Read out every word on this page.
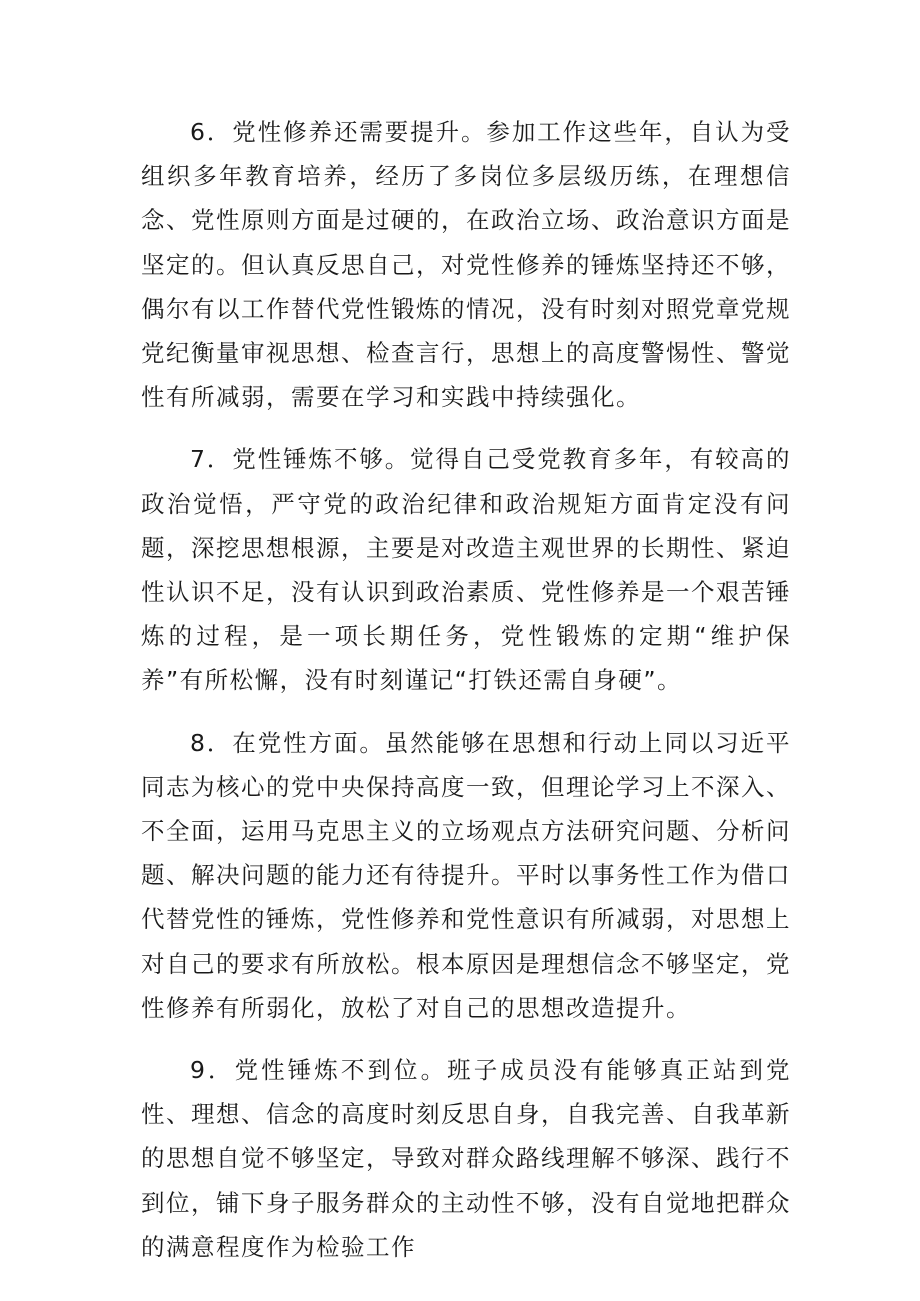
6．党性修养还需要提升。参加工作这些年，自认为受组织多年教育培养，经历了多岗位多层级历练，在理想信念、党性原则方面是过硬的，在政治立场、政治意识方面是坚定的。但认真反思自己，对党性修养的锤炼坚持还不够，偶尔有以工作替代党性锻炼的情况，没有时刻对照党章党规党纪衡量审视思想、检查言行，思想上的高度警惕性、警觉性有所减弱，需要在学习和实践中持续强化。

7．党性锤炼不够。觉得自己受党教育多年，有较高的政治觉悟，严守党的政治纪律和政治规矩方面肯定没有问题，深挖思想根源，主要是对改造主观世界的长期性、紧迫性认识不足，没有认识到政治素质、党性修养是一个艰苦锤炼的过程，是一项长期任务，党性锻炼的定期“维护保养”有所松懈，没有时刻谨记“打铁还需自身硬”。

8．在党性方面。虽然能够在思想和行动上同以习近平同志为核心的党中央保持高度一致，但理论学习上不深入、不全面，运用马克思主义的立场观点方法研究问题、分析问题、解决问题的能力还有待提升。平时以事务性工作为借口代替党性的锤炼，党性修养和党性意识有所减弱，对思想上对自己的要求有所放松。根本原因是理想信念不够坚定，党性修养有所弱化，放松了对自己的思想改造提升。

9．党性锤炼不到位。班子成员没有能够真正站到党性、理想、信念的高度时刻反思自身，自我完善、自我革新的思想自觉不够坚定，导致对群众路线理解不够深、践行不到位，铺下身子服务群众的主动性不够，没有自觉地把群众的满意程度作为检验工作
